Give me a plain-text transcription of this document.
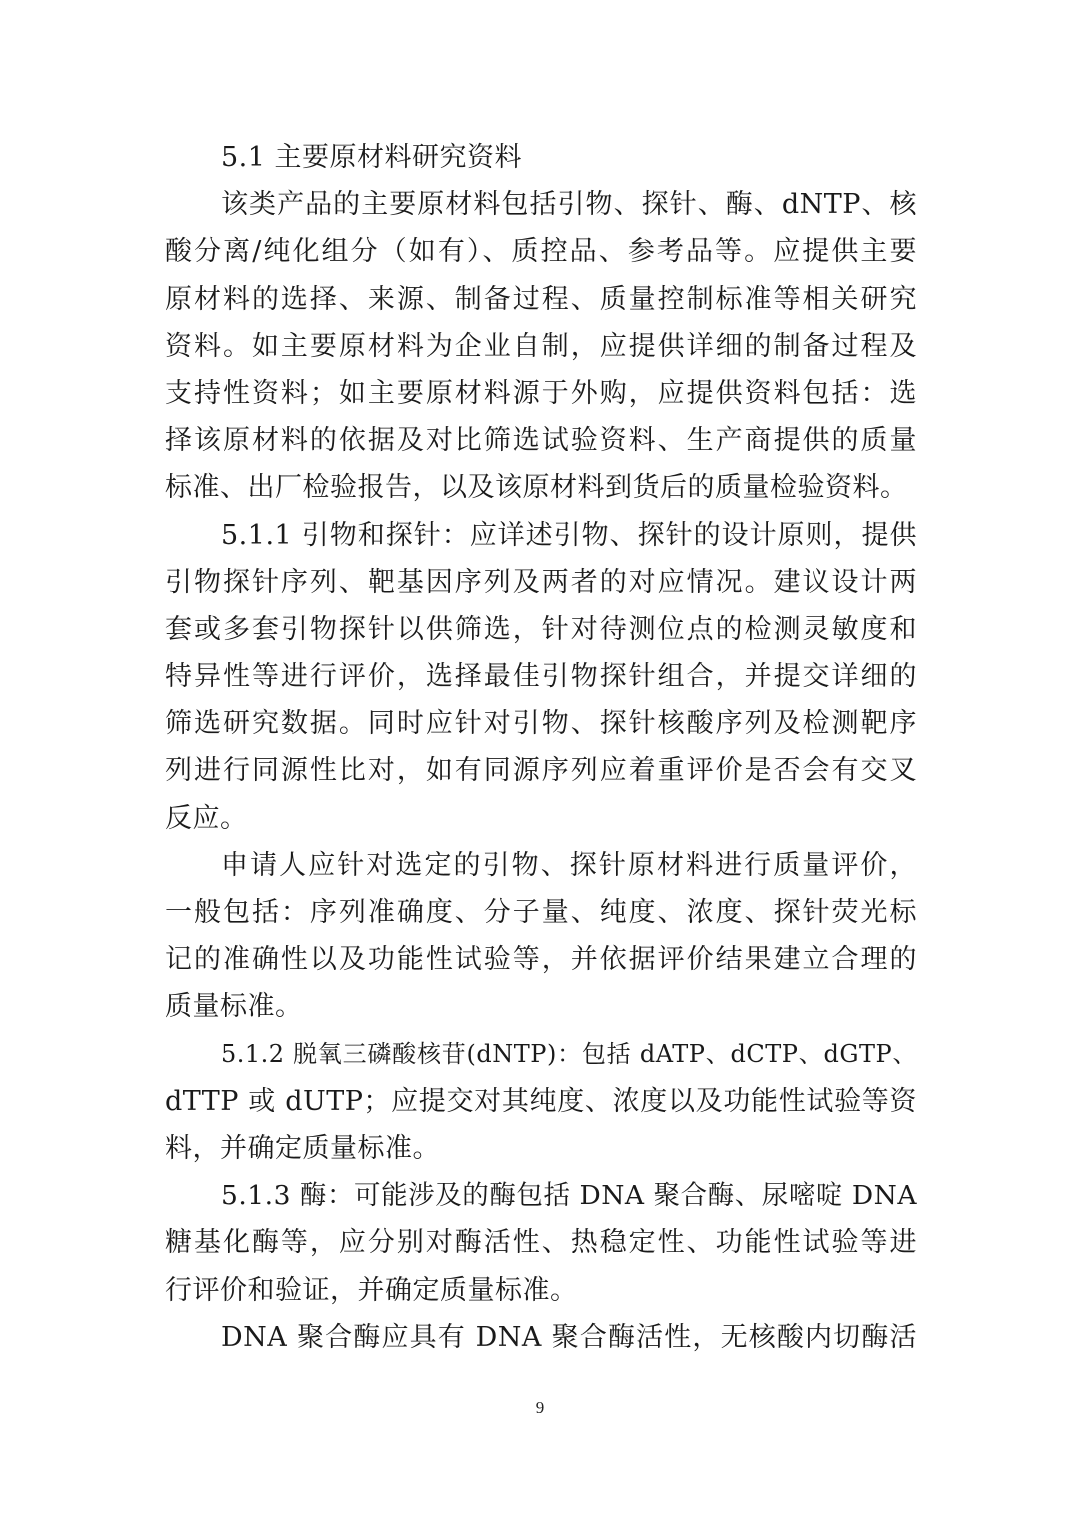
5.1 主要原材料研究资料
该类产品的主要原材料包括引物、探针、酶、dNTP、核
酸分离/纯化组分（如有）、质控品、参考品等。应提供主要
原材料的选择、来源、制备过程、质量控制标准等相关研究
资料。如主要原材料为企业自制，应提供详细的制备过程及
支持性资料；如主要原材料源于外购，应提供资料包括：选
择该原材料的依据及对比筛选试验资料、生产商提供的质量
标准、出厂检验报告，以及该原材料到货后的质量检验资料。
5.1.1 引物和探针：应详述引物、探针的设计原则，提供
引物探针序列、靶基因序列及两者的对应情况。建议设计两
套或多套引物探针以供筛选，针对待测位点的检测灵敏度和
特异性等进行评价，选择最佳引物探针组合，并提交详细的
筛选研究数据。同时应针对引物、探针核酸序列及检测靶序
列进行同源性比对，如有同源序列应着重评价是否会有交叉
反应。
申请人应针对选定的引物、探针原材料进行质量评价，
一般包括：序列准确度、分子量、纯度、浓度、探针荧光标
记的准确性以及功能性试验等，并依据评价结果建立合理的
质量标准。
5.1.2 脱氧三磷酸核苷(dNTP)：包括 dATP、dCTP、dGTP、
dTTP 或 dUTP；应提交对其纯度、浓度以及功能性试验等资
料，并确定质量标准。
5.1.3 酶：可能涉及的酶包括 DNA 聚合酶、尿嘧啶 DNA
糖基化酶等，应分别对酶活性、热稳定性、功能性试验等进
行评价和验证，并确定质量标准。
DNA 聚合酶应具有 DNA 聚合酶活性，无核酸内切酶活
9
